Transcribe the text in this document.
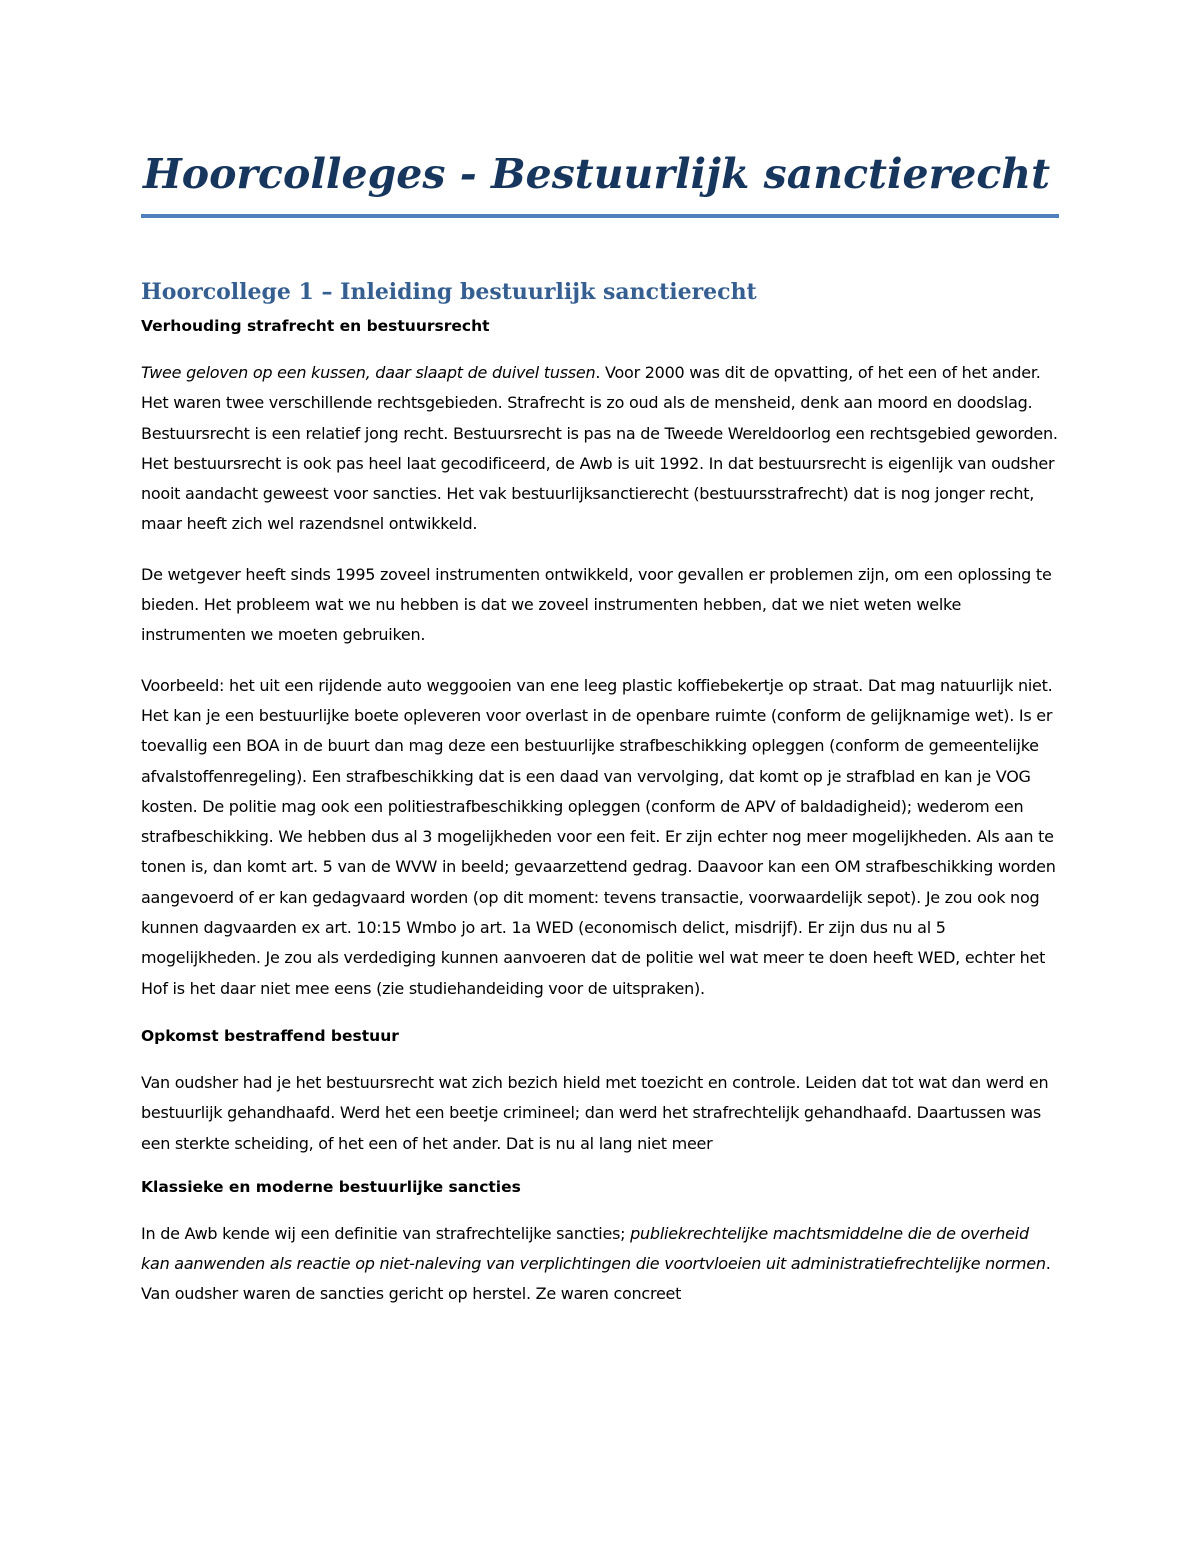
Hoorcolleges - Bestuurlijk sanctierecht
Hoorcollege 1 – Inleiding bestuurlijk sanctierecht
Verhouding strafrecht en bestuursrecht

Twee geloven op een kussen, daar slaapt de duivel tussen. Voor 2000 was dit de opvatting, of het een of het ander. Het waren twee verschillende rechtsgebieden. Strafrecht is zo oud als de mensheid, denk aan moord en doodslag. Bestuursrecht is een relatief jong recht. Bestuursrecht is pas na de Tweede Wereldoorlog een rechtsgebied geworden. Het bestuursrecht is ook pas heel laat gecodificeerd, de Awb is uit 1992. In dat bestuursrecht is eigenlijk van oudsher nooit aandacht geweest voor sancties. Het vak bestuurlijksanctierecht (bestuursstrafrecht) dat is nog jonger recht, maar heeft zich wel razendsnel ontwikkeld.

De wetgever heeft sinds 1995 zoveel instrumenten ontwikkeld, voor gevallen er problemen zijn, om een oplossing te bieden. Het probleem wat we nu hebben is dat we zoveel instrumenten hebben, dat we niet weten welke instrumenten we moeten gebruiken.

Voorbeeld: het uit een rijdende auto weggooien van ene leeg plastic koffiebekertje op straat. Dat mag natuurlijk niet. Het kan je een bestuurlijke boete opleveren voor overlast in de openbare ruimte (conform de gelijknamige wet). Is er toevallig een BOA in de buurt dan mag deze een bestuurlijke strafbeschikking opleggen (conform de gemeentelijke afvalstoffenregeling). Een strafbeschikking dat is een daad van vervolging, dat komt op je strafblad en kan je VOG kosten. De politie mag ook een politiestrafbeschikking opleggen (conform de APV of baldadigheid); wederom een strafbeschikking. We hebben dus al 3 mogelijkheden voor een feit. Er zijn echter nog meer mogelijkheden. Als aan te tonen is, dan komt art. 5 van de WVW in beeld; gevaarzettend gedrag. Daavoor kan een OM strafbeschikking worden aangevoerd of er kan gedagvaard worden (op dit moment: tevens transactie, voorwaardelijk sepot). Je zou ook nog kunnen dagvaarden ex art. 10:15 Wmbo jo art. 1a WED (economisch delict, misdrijf). Er zijn dus nu al 5 mogelijkheden. Je zou als verdediging kunnen aanvoeren dat de politie wel wat meer te doen heeft WED, echter het Hof is het daar niet mee eens (zie studiehandeiding voor de uitspraken).

Opkomst bestraffend bestuur

Van oudsher had je het bestuursrecht wat zich bezich hield met toezicht en controle. Leiden dat tot wat dan werd en bestuurlijk gehandhaafd. Werd het een beetje crimineel; dan werd het strafrechtelijk gehandhaafd. Daartussen was een sterkte scheiding, of het een of het ander. Dat is nu al lang niet meer

Klassieke en moderne bestuurlijke sancties

In de Awb kende wij een definitie van strafrechtelijke sancties; publiekrechtelijke machtsmiddelne die de overheid kan aanwenden als reactie op niet-naleving van verplichtingen die voortvloeien uit administratiefrechtelijke normen. Van oudsher waren de sancties gericht op herstel. Ze waren concreet
